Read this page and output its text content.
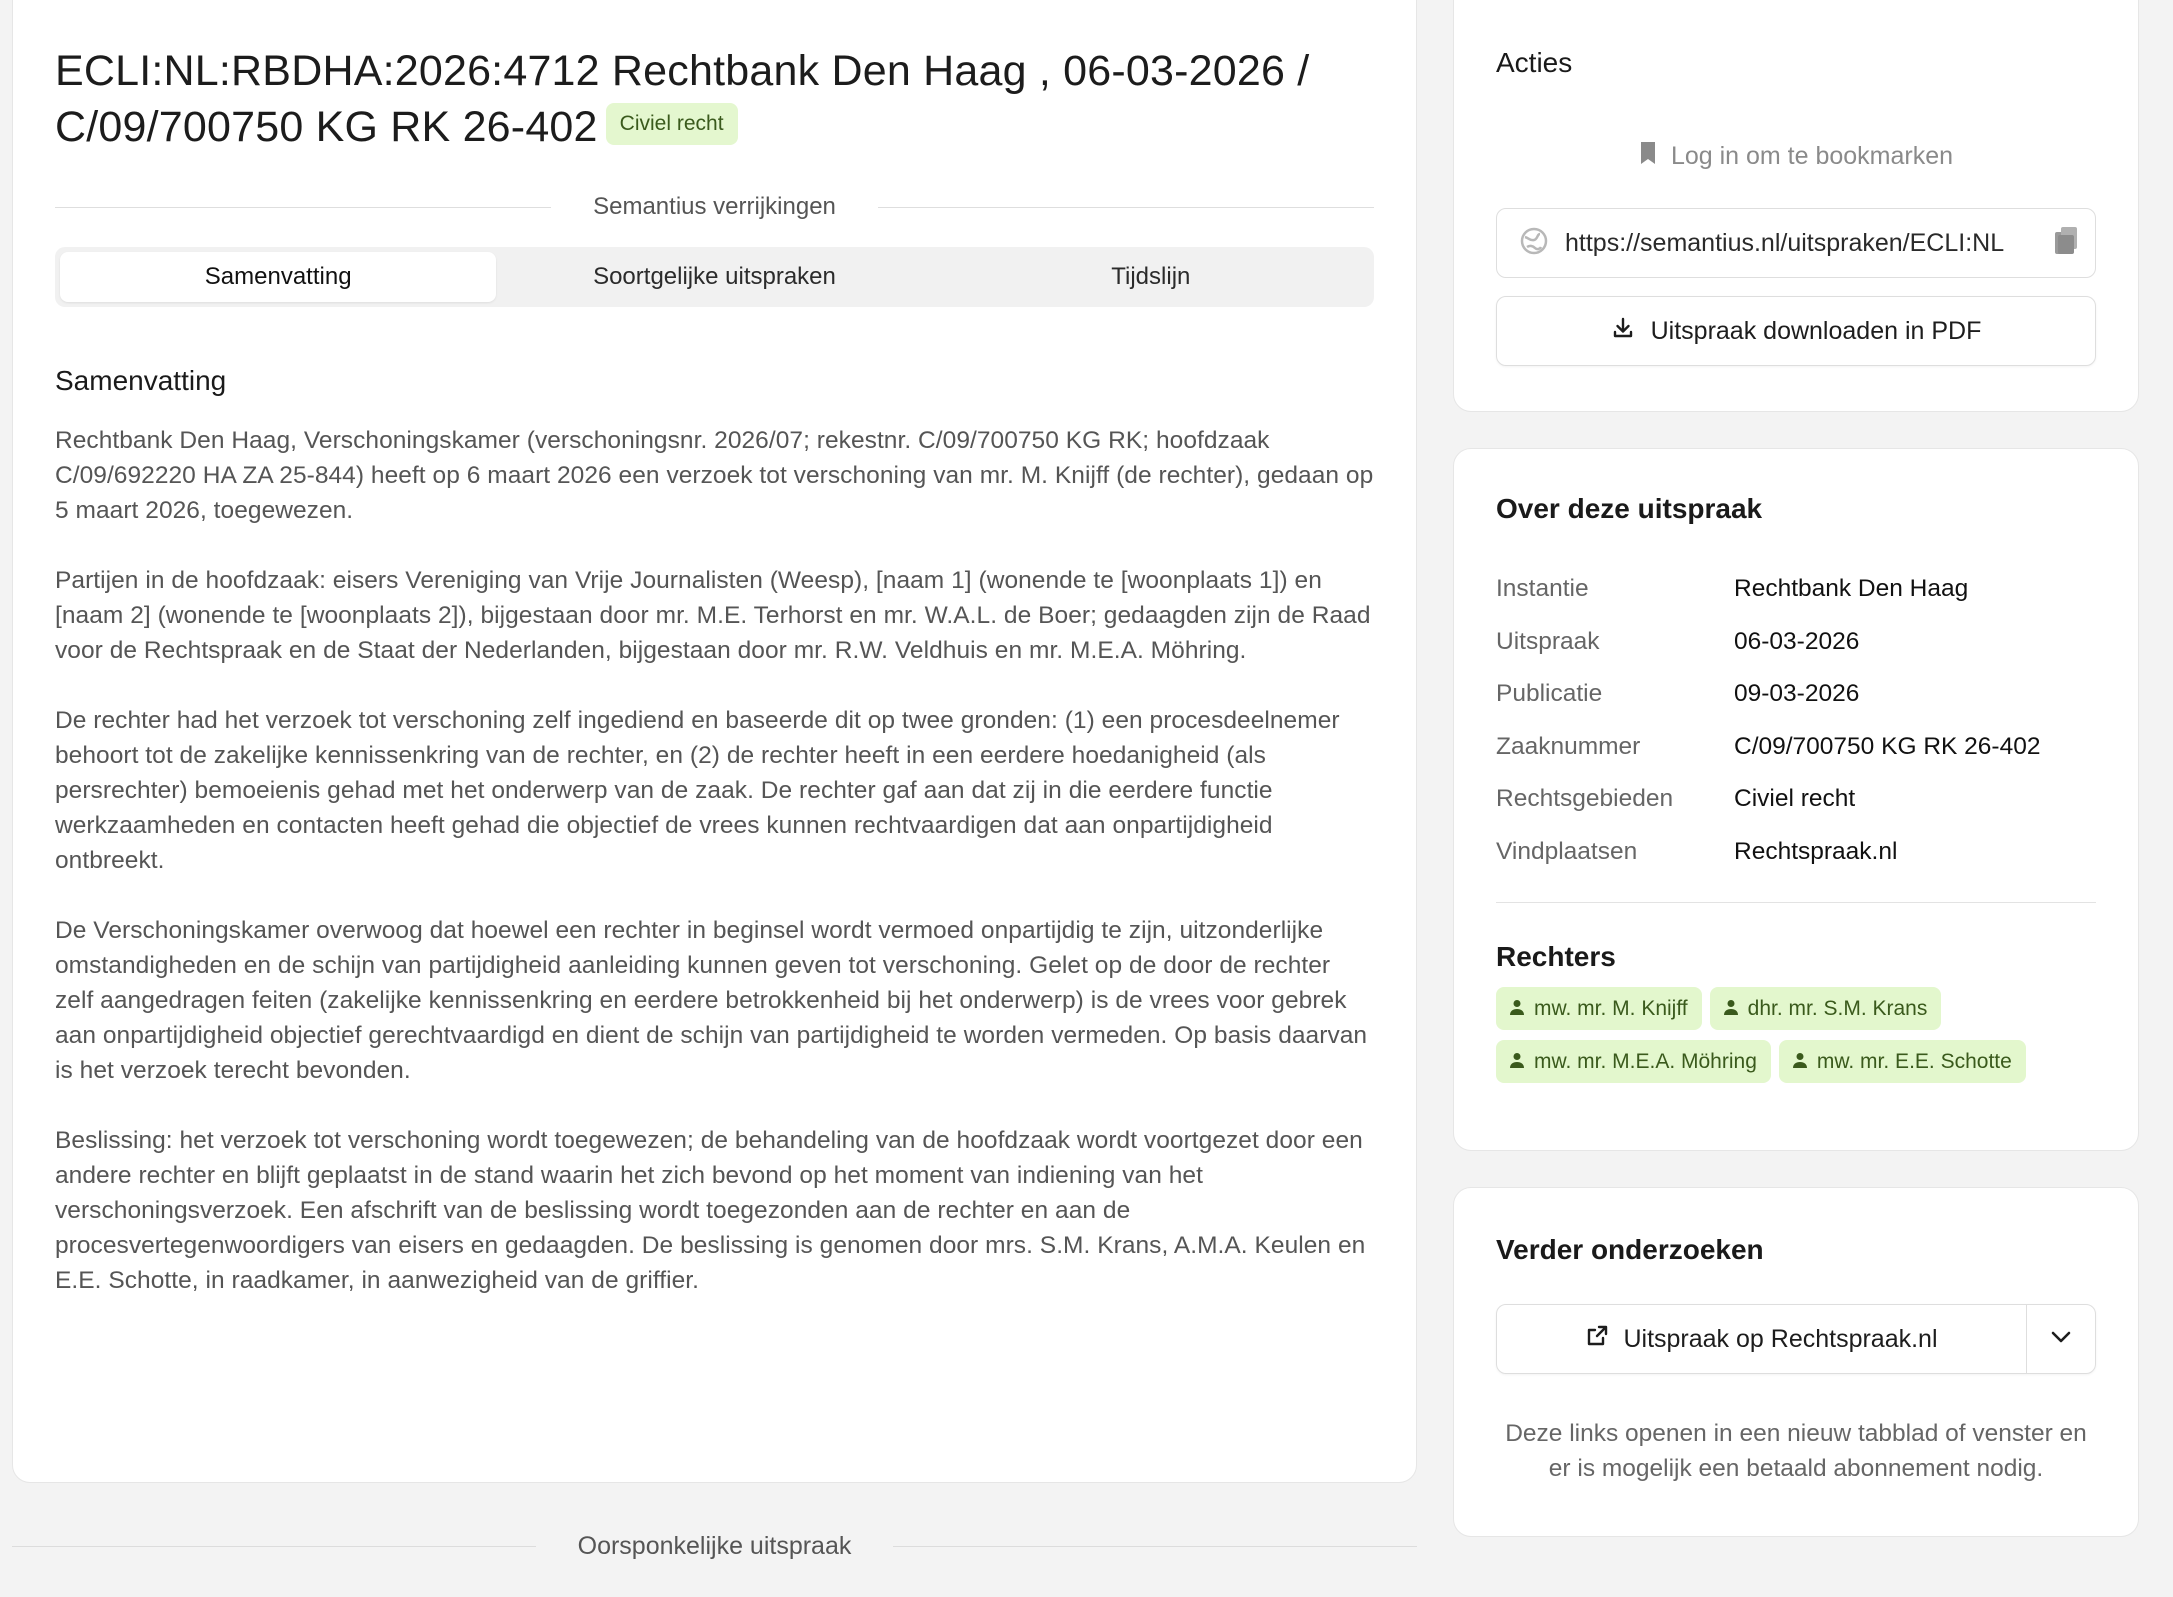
ECLI:NL:RBDHA:2026:4712 Rechtbank Den Haag , 06-03-2026 / C/09/700750 KG RK 26-402 Civiel recht
Semantius verrijkingen
Samenvatting	Soortgelijke uitspraken	Tijdslijn
Samenvatting

Rechtbank Den Haag, Verschoningskamer (verschoningsnr. 2026/07; rekestnr. C/09/700750 KG RK; hoofdzaak C/09/692220 HA ZA 25-844) heeft op 6 maart 2026 een verzoek tot verschoning van mr. M. Knijff (de rechter), gedaan op 5 maart 2026, toegewezen.

Partijen in de hoofdzaak: eisers Vereniging van Vrije Journalisten (Weesp), [naam 1] (wonende te [woonplaats 1]) en [naam 2] (wonende te [woonplaats 2]), bijgestaan door mr. M.E. Terhorst en mr. W.A.L. de Boer; gedaagden zijn de Raad voor de Rechtspraak en de Staat der Nederlanden, bijgestaan door mr. R.W. Veldhuis en mr. M.E.A. Möhring.

De rechter had het verzoek tot verschoning zelf ingediend en baseerde dit op twee gronden: (1) een procesdeelnemer behoort tot de zakelijke kennissenkring van de rechter, en (2) de rechter heeft in een eerdere hoedanigheid (als persrechter) bemoeienis gehad met het onderwerp van de zaak. De rechter gaf aan dat zij in die eerdere functie werkzaamheden en contacten heeft gehad die objectief de vrees kunnen rechtvaardigen dat aan onpartijdigheid ontbreekt.

De Verschoningskamer overwoog dat hoewel een rechter in beginsel wordt vermoed onpartijdig te zijn, uitzonderlijke omstandigheden en de schijn van partijdigheid aanleiding kunnen geven tot verschoning. Gelet op de door de rechter zelf aangedragen feiten (zakelijke kennissenkring en eerdere betrokkenheid bij het onderwerp) is de vrees voor gebrek aan onpartijdigheid objectief gerechtvaardigd en dient de schijn van partijdigheid te worden vermeden. Op basis daarvan is het verzoek terecht bevonden.

Beslissing: het verzoek tot verschoning wordt toegewezen; de behandeling van de hoofdzaak wordt voortgezet door een andere rechter en blijft geplaatst in de stand waarin het zich bevond op het moment van indiening van het verschoningsverzoek. Een afschrift van de beslissing wordt toegezonden aan de rechter en aan de procesvertegenwoordigers van eisers en gedaagden. De beslissing is genomen door mrs. S.M. Krans, A.M.A. Keulen en E.E. Schotte, in raadkamer, in aanwezigheid van de griffier.

Oorsponkelijke uitspraak
Acties
Log in om te bookmarken
https://semantius.nl/uitspraken/ECLI:NL
Uitspraak downloaden in PDF
Over deze uitspraak
Instantie	Rechtbank Den Haag
Uitspraak	06-03-2026
Publicatie	09-03-2026
Zaaknummer	C/09/700750 KG RK 26-402
Rechtsgebieden	Civiel recht
Vindplaatsen	Rechtspraak.nl
Rechters
mw. mr. M. Knijff	dhr. mr. S.M. Krans
mw. mr. M.E.A. Möhring	mw. mr. E.E. Schotte
Verder onderzoeken
Uitspraak op Rechtspraak.nl
Deze links openen in een nieuw tabblad of venster en er is mogelijk een betaald abonnement nodig.
